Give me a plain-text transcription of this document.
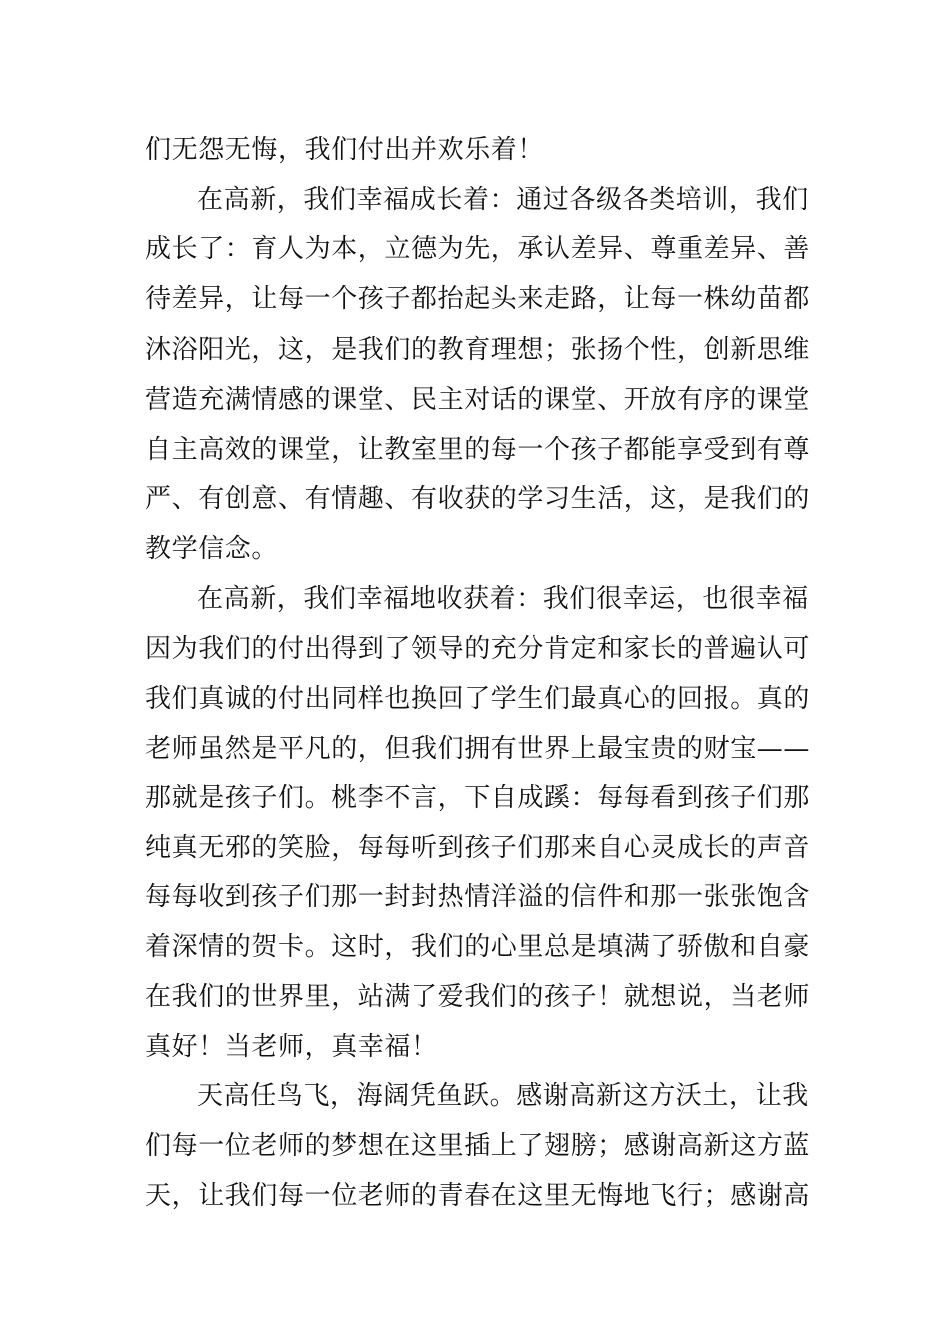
们无怨无悔，我们付出并欢乐着！
在高新，我们幸福成长着：通过各级各类培训，我们
成长了：育人为本，立德为先，承认差异、尊重差异、善
待差异，让每一个孩子都抬起头来走路，让每一株幼苗都
沐浴阳光，这，是我们的教育理想；张扬个性，创新思维
营造充满情感的课堂、民主对话的课堂、开放有序的课堂
自主高效的课堂，让教室里的每一个孩子都能享受到有尊
严、有创意、有情趣、有收获的学习生活，这，是我们的
教学信念。
在高新，我们幸福地收获着：我们很幸运，也很幸福
因为我们的付出得到了领导的充分肯定和家长的普遍认可
我们真诚的付出同样也换回了学生们最真心的回报。真的
老师虽然是平凡的，但我们拥有世界上最宝贵的财宝——
那就是孩子们。桃李不言，下自成蹊：每每看到孩子们那
纯真无邪的笑脸，每每听到孩子们那来自心灵成长的声音
每每收到孩子们那一封封热情洋溢的信件和那一张张饱含
着深情的贺卡。这时，我们的心里总是填满了骄傲和自豪
在我们的世界里，站满了爱我们的孩子！就想说，当老师
真好！当老师，真幸福！
天高任鸟飞，海阔凭鱼跃。感谢高新这方沃土，让我
们每一位老师的梦想在这里插上了翅膀；感谢高新这方蓝
天，让我们每一位老师的青春在这里无悔地飞行；感谢高
